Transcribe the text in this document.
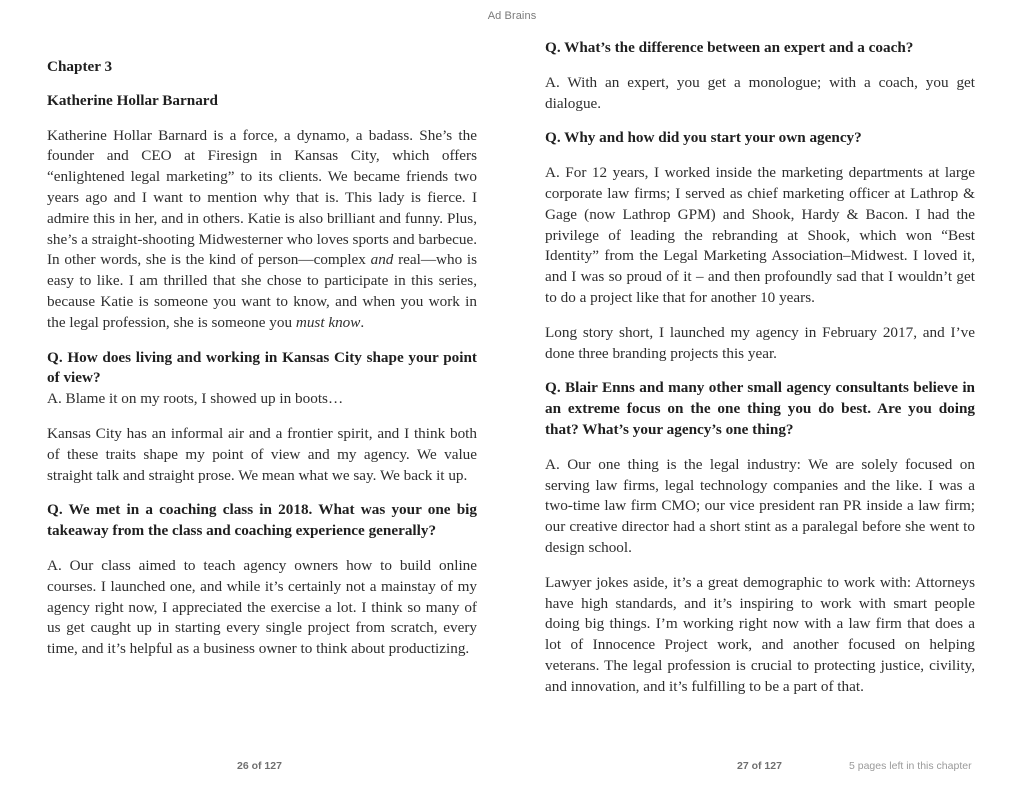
Ad Brains
Chapter 3
Katherine Hollar Barnard

Katherine Hollar Barnard is a force, a dynamo, a badass. She’s the founder and CEO at Firesign in Kansas City, which offers “enlightened legal marketing” to its clients. We became friends two years ago and I want to mention why that is. This lady is fierce. I admire this in her, and in others. Katie is also brilliant and funny. Plus, she’s a straight-shooting Midwesterner who loves sports and barbecue. In other words, she is the kind of person—complex and real—who is easy to like. I am thrilled that she chose to participate in this series, because Katie is someone you want to know, and when you work in the legal profession, she is someone you must know.

Q. How does living and working in Kansas City shape your point of view?

A. Blame it on my roots, I showed up in boots…

Kansas City has an informal air and a frontier spirit, and I think both of these traits shape my point of view and my agency. We value straight talk and straight prose. We mean what we say. We back it up.

Q. We met in a coaching class in 2018. What was your one big takeaway from the class and coaching experience generally?

A. Our class aimed to teach agency owners how to build online courses. I launched one, and while it’s certainly not a mainstay of my agency right now, I appreciated the exercise a lot. I think so many of us get caught up in starting every single project from scratch, every time, and it’s helpful as a business owner to think about productizing.

Q. What’s the difference between an expert and a coach?

A. With an expert, you get a monologue; with a coach, you get dialogue.

Q. Why and how did you start your own agency?

A. For 12 years, I worked inside the marketing departments at large corporate law firms; I served as chief marketing officer at Lathrop & Gage (now Lathrop GPM) and Shook, Hardy & Bacon. I had the privilege of leading the rebranding at Shook, which won “Best Identity” from the Legal Marketing Association–Midwest. I loved it, and I was so proud of it – and then profoundly sad that I wouldn’t get to do a project like that for another 10 years.

Long story short, I launched my agency in February 2017, and I’ve done three branding projects this year.

Q. Blair Enns and many other small agency consultants believe in an extreme focus on the one thing you do best. Are you doing that? What’s your agency’s one thing?

A. Our one thing is the legal industry: We are solely focused on serving law firms, legal technology companies and the like. I was a two-time law firm CMO; our vice president ran PR inside a law firm; our creative director had a short stint as a paralegal before she went to design school.

Lawyer jokes aside, it’s a great demographic to work with: Attorneys have high standards, and it’s inspiring to work with smart people doing big things. I’m working right now with a law firm that does a lot of Innocence Project work, and another focused on helping veterans. The legal profession is crucial to protecting justice, civility, and innovation, and it’s fulfilling to be a part of that.

26 of 127	27 of 127	5 pages left in this chapter
